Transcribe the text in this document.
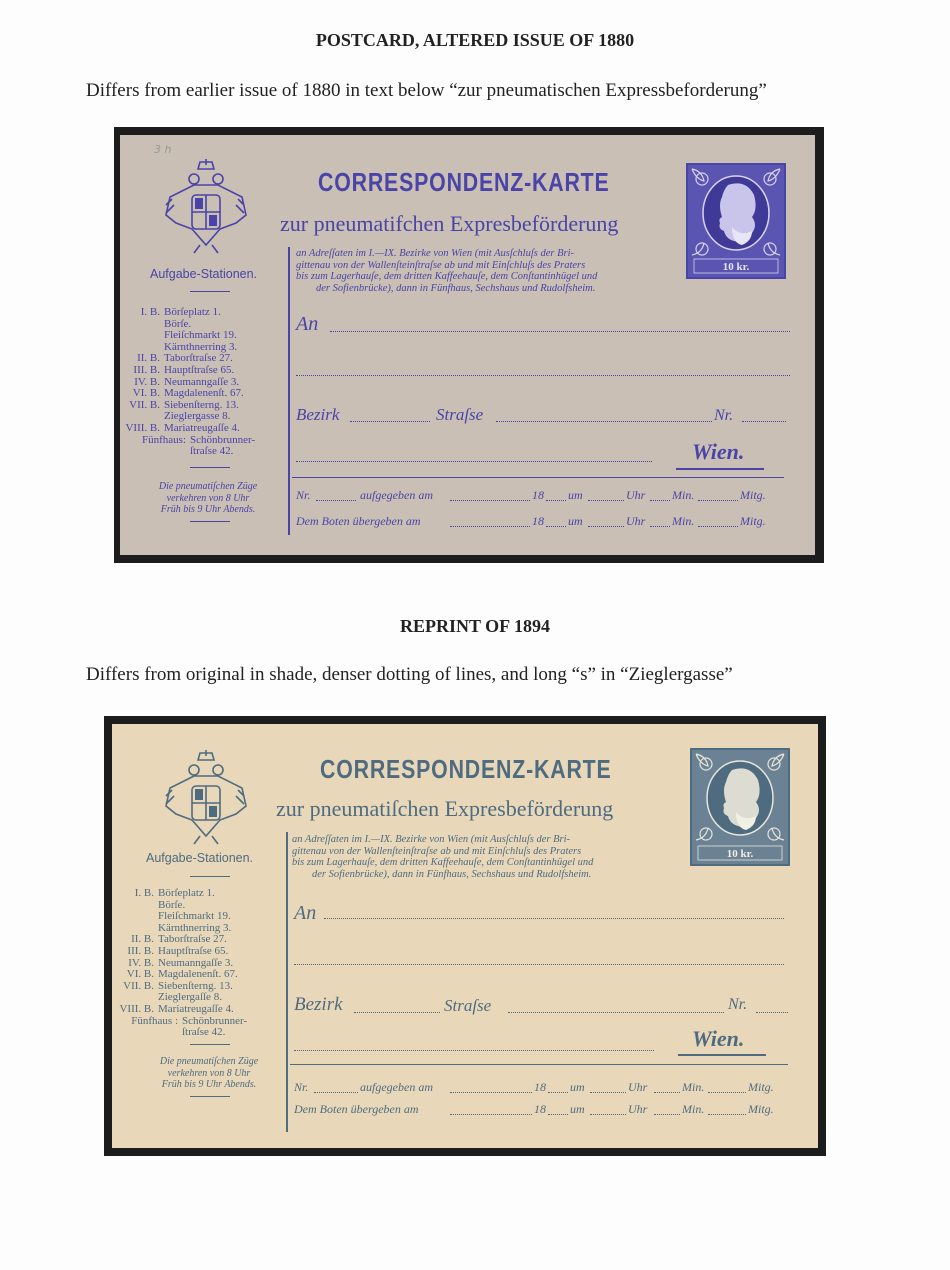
POSTCARD, ALTERED ISSUE OF 1880
Differs from earlier issue of 1880 in text below “zur pneumatischen Expressbeforderung”
3 h
Aufgabe-Stationen.
I. B. Börſeplatz 1.
Börſe.
Fleiſchmarkt 19.
Kärnthnerring 3.
II. B. Taborſtraſse 27.
III. B. Hauptſtraſse 65.
IV. B. Neumanngaſſe 3.
VI. B. Magdalenenſt. 67.
VII. B. Siebenſterng. 13.
Zieglergasse 8.
VIII. B. Mariatreugaſſe 4.
Fünfhaus: Schönbrunner-
ſtraſse 42.
Die pneumatiſchen Züge
verkehren von 8 Uhr
Früh bis 9 Uhr Abends.
CORRESPONDENZ-KARTE
zur pneumatifchen Expresbeförderung
an Adreſſaten im I.—IX. Bezirke von Wien (mit Ausſchluſs der Bri-
gittenau von der Wallenſteinſtraſse ab und mit Einſchluſs des Praters
bis zum Lagerhauſe, dem dritten Kaffeehauſe, dem Conſtantinhügel und
der Sofienbrücke), dann in Fünfhaus, Sechshaus und Rudolfsheim.
10 kr.
An
Bezirk	Straſse	Nr.
Wien.
Nr.	aufgegeben am	18 um	Uhr Min.	Mitg.
Dem Boten übergeben am	18 um	Uhr Min.	Mitg.
REPRINT OF 1894
Differs from original in shade, denser dotting of lines, and long “s” in “Zieglergasse”
Aufgabe-Stationen.
I. B. Börſeplatz 1.
Börſe.
Fleiſchmarkt 19.
Kärnthnerring 3.
II. B. Taborſtraſse 27.
III. B. Hauptſtraſse 65.
IV. B. Neumanngaſſe 3.
VI. B. Magdalenenſt. 67.
VII. B. Siebenſterng. 13.
Zieglergaſſe 8.
VIII. B. Mariatreugaſſe 4.
Fünfhaus : Schönbrunner-
ſtraſse 42.
Die pneumatiſchen Züge
verkehren von 8 Uhr
Früh bis 9 Uhr Abends.
CORRESPONDENZ-KARTE
zur pneumatiſchen Expresbeförderung
an Adreſſaten im I.—IX. Bezirke von Wien (mit Ausſchluſs der Bri-
gittenau von der Wallenſteinſtraſse ab und mit Einſchluſs des Praters
bis zum Lagerhauſe, dem dritten Kaffeehauſe, dem Conſtantinhügel und
der Sofienbrücke), dann in Fünfhaus, Sechshaus und Rudolfsheim.
10 kr.
An
Bezirk	Straſse	Nr.
Wien.
Nr.	aufgegeben am	18 um	Uhr	Min.	Mitg.
Dem Boten übergeben am	18 um	Uhr	Min.	Mitg.
